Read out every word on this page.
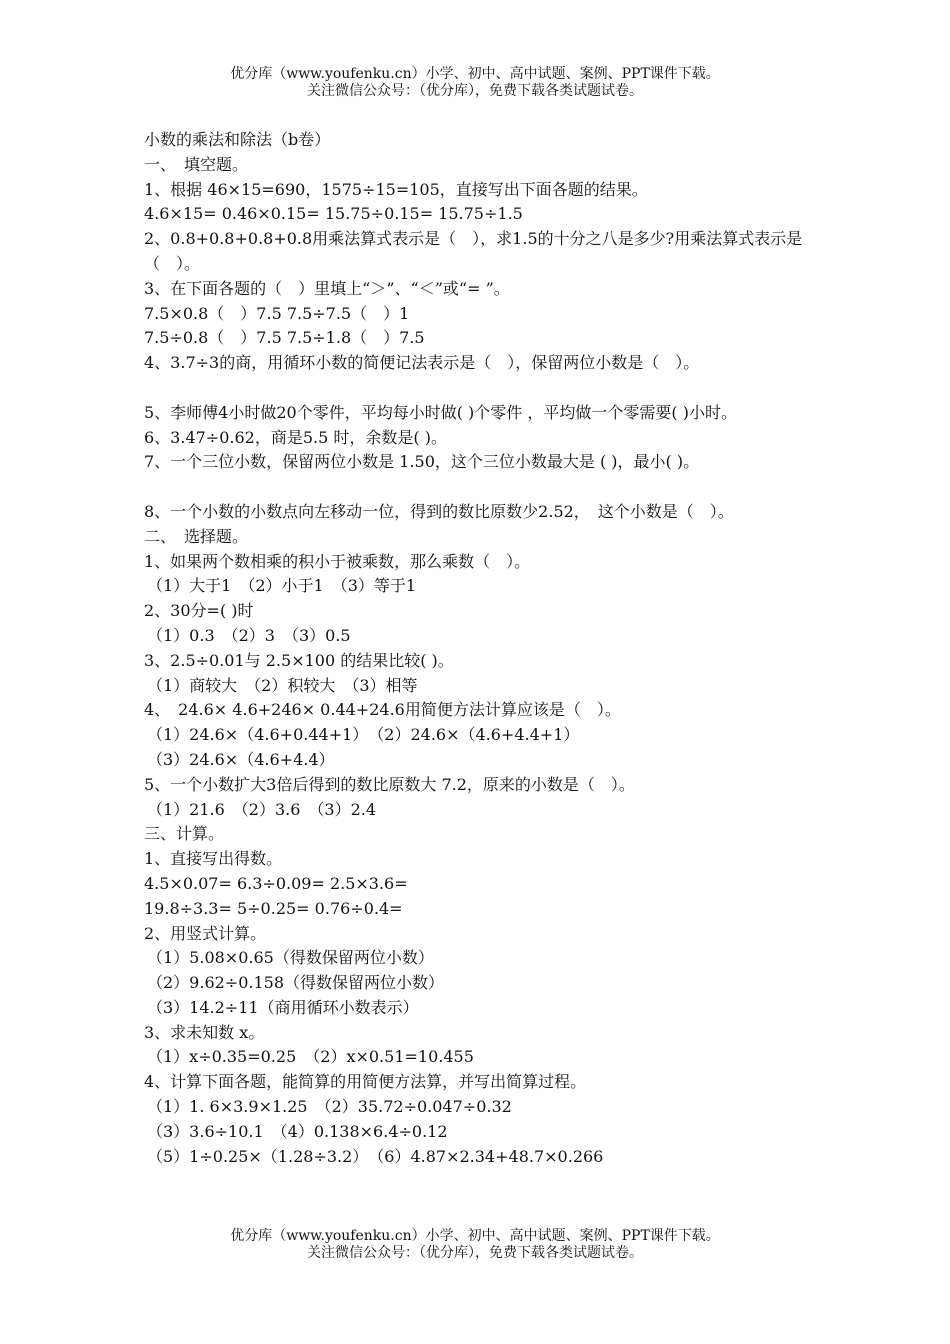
优分库（www.youfenku.cn）小学、初中、高中试题、案例、PPT课件下载。
关注微信公众号：（优分库），免费下载各类试题试卷。
小数的乘法和除法（b卷）
一、　填空题。
1、根据 46×15=690，1575÷15=105，直接写出下面各题的结果。
4.6×15= 0.46×0.15= 15.75÷0.15= 15.75÷1.5
2、0.8+0.8+0.8+0.8用乘法算式表示是（　），求1.5的十分之八是多少?用乘法算式表示是（　）。
3、在下面各题的（　）里填上“＞”、“＜”或“= ”。
7.5×0.8（　）7.5 7.5÷7.5（　）1
7.5÷0.8（　）7.5 7.5÷1.8（　）7.5
4、3.7÷3的商，用循环小数的简便记法表示是（　），保留两位小数是（　）。
5、李师傅4小时做20个零件，平均每小时做( )个零件 ，平均做一个零需要( )小时。
6、3.47÷0.62，商是5.5 时，余数是( )。
7、一个三位小数，保留两位小数是 1.50，这个三位小数最大是 ( )，最小( )。
8、一个小数的小数点向左移动一位，得到的数比原数少2.52，　这个小数是（　）。
二、　选择题。
1、如果两个数相乘的积小于被乘数，那么乘数（　）。
（1）大于1　（2）小于1　（3）等于1
2、30分=( )时
（1）0.3　（2）3　（3）0.5
3、2.5÷0.01与 2.5×100 的结果比较( )。
（1）商较大　（2）积较大　（3）相等
4、　24.6× 4.6+246× 0.44+24.6用简便方法计算应该是（　）。
（1）24.6×（4.6+0.44+1）　（2）24.6×（4.6+4.4+1）
（3）24.6×（4.6+4.4）
5、一个小数扩大3倍后得到的数比原数大 7.2，原来的小数是（　）。
（1）21.6　（2）3.6　（3）2.4
三、计算。
1、直接写出得数。
4.5×0.07= 6.3÷0.09= 2.5×3.6=
19.8÷3.3= 5÷0.25= 0.76÷0.4=
2、用竖式计算。
（1）5.08×0.65（得数保留两位小数）
（2）9.62÷0.158（得数保留两位小数）
（3）14.2÷11（商用循环小数表示）
3、求未知数 x。
（1）x÷0.35=0.25　（2）x×0.51=10.455
4、计算下面各题，能简算的用简便方法算，并写出简算过程。
（1）1. 6×3.9×1.25　（2）35.72÷0.047÷0.32
（3）3.6÷10.1　（4）0.138×6.4÷0.12
（5）1÷0.25×（1.28÷3.2）　（6）4.87×2.34+48.7×0.266
优分库（www.youfenku.cn）小学、初中、高中试题、案例、PPT课件下载。
关注微信公众号：（优分库），免费下载各类试题试卷。
